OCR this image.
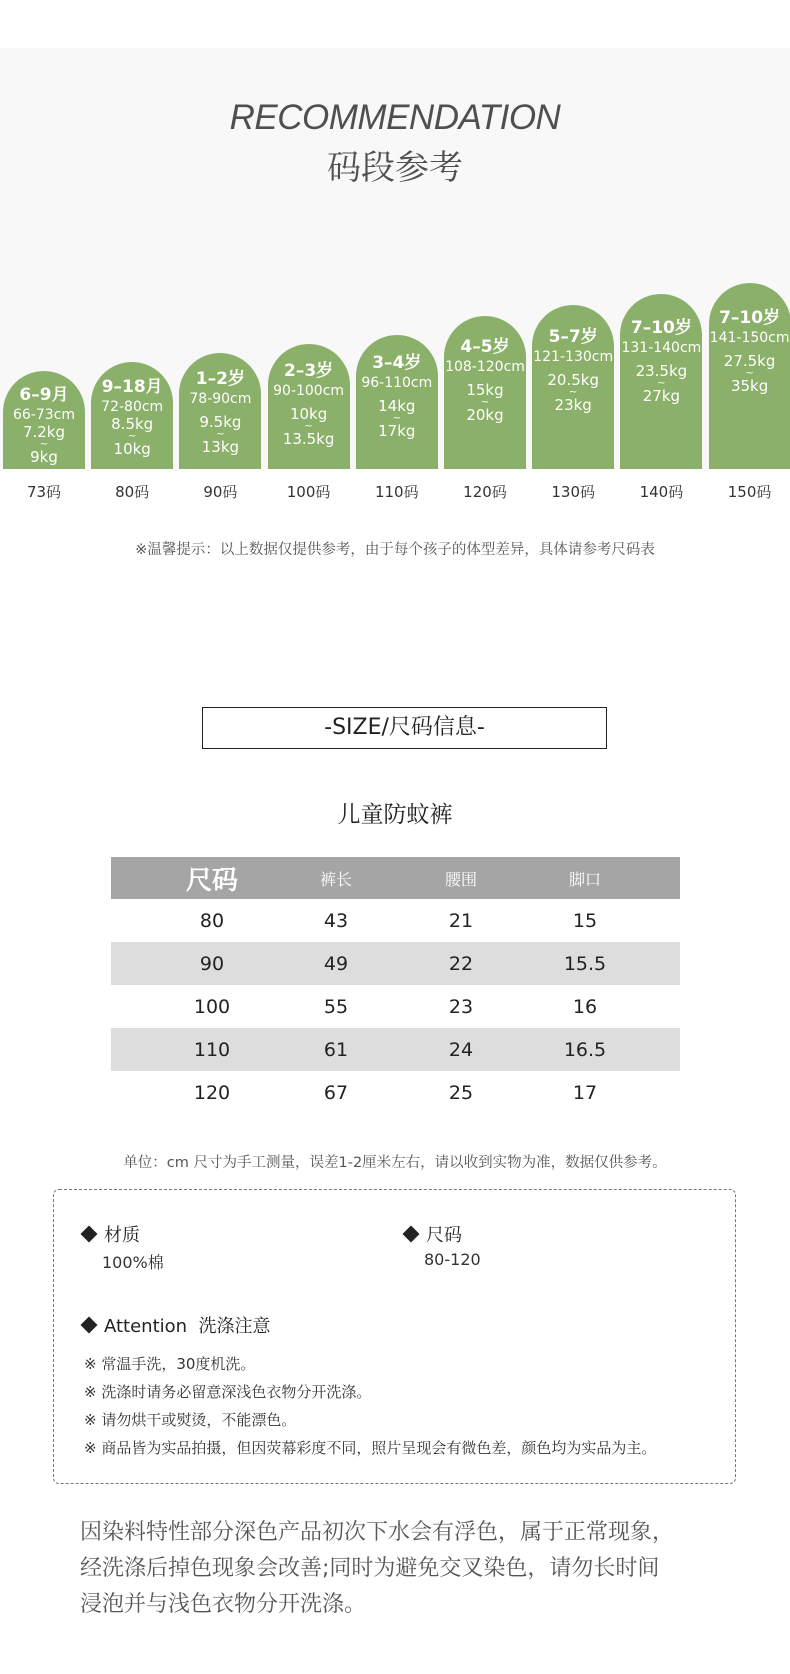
RECOMMENDATION
码段参考
6–9月
66-73cm
7.2kg
~
9kg
9–18月
72-80cm
8.5kg
~
10kg
1–2岁
78-90cm
9.5kg
~
13kg
2–3岁
90-100cm
10kg
~
13.5kg
3–4岁
96-110cm
14kg
~
17kg
4–5岁
108-120cm
15kg
~
20kg
5–7岁
121-130cm
20.5kg
~
23kg
7–10岁
131-140cm
23.5kg
~
27kg
7–10岁
141-150cm
27.5kg
~
35kg
73码	80码	90码	100码	110码	120码	130码	140码	150码
※温馨提示：以上数据仅提供参考，由于每个孩子的体型差异，具体请参考尺码表
-SIZE/尺码信息-
儿童防蚊裤
尺码	裤长	腰围	脚口
80	43	21	15
90	49	22	15.5
100	55	23	16
110	61	24	16.5
120	67	25	17
单位：cm 尺寸为手工测量，误差1-2厘米左右，请以收到实物为准，数据仅供参考。
材质
100%棉
尺码
80-120
Attention  洗涤注意
※ 常温手洗，30度机洗。
※ 洗涤时请务必留意深浅色衣物分开洗涤。
※ 请勿烘干或熨烫，不能漂色。
※ 商品皆为实品拍摄，但因荧幕彩度不同，照片呈现会有微色差，颜色均为实品为主。
因染料特性部分深色产品初次下水会有浮色，属于正常现象，
经洗涤后掉色现象会改善;同时为避免交叉染色，请勿长时间
浸泡并与浅色衣物分开洗涤。
